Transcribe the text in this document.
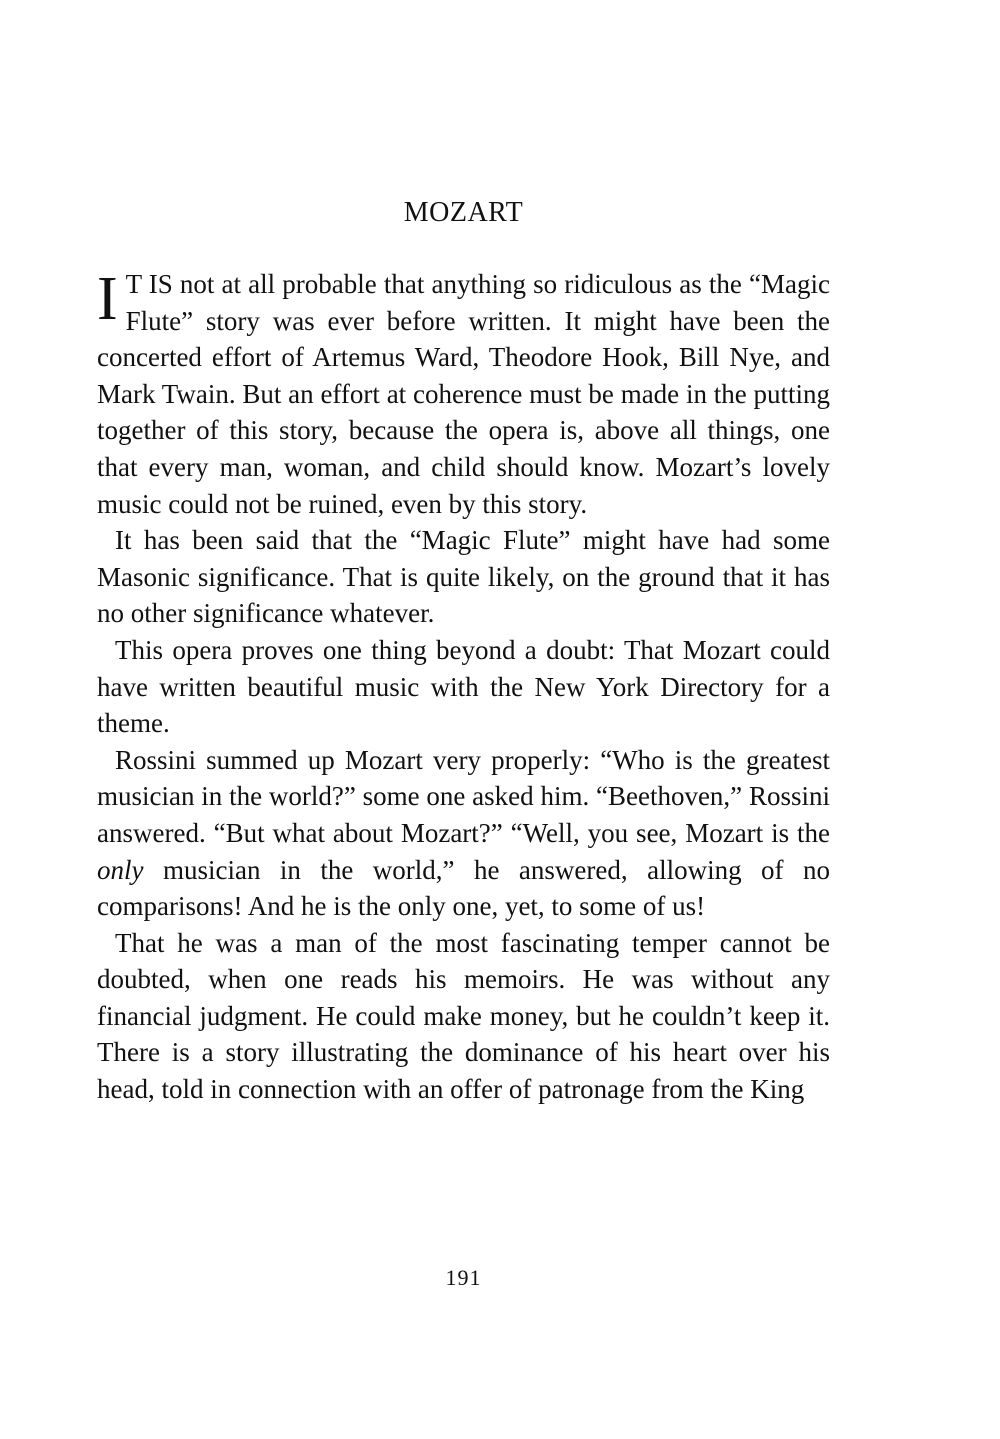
MOZART

I T IS not at all probable that anything so ridiculous as the “Magic Flute” story was ever before written. It might have been the concerted effort of Artemus Ward, Theodore Hook, Bill Nye, and Mark Twain. But an effort at coherence must be made in the putting together of this story, because the opera is, above all things, one that every man, woman, and child should know. Mozart’s lovely music could not be ruined, even by this story.

It has been said that the “Magic Flute” might have had some Masonic significance. That is quite likely, on the ground that it has no other significance whatever.

This opera proves one thing beyond a doubt: That Mozart could have written beautiful music with the New York Directory for a theme.

Rossini summed up Mozart very properly: “Who is the greatest musician in the world?” some one asked him. “Beethoven,” Rossini answered. “But what about Mozart?” “Well, you see, Mozart is the only musician in the world,” he answered, allowing of no comparisons! And he is the only one, yet, to some of us!

That he was a man of the most fascinating temper cannot be doubted, when one reads his memoirs. He was without any financial judgment. He could make money, but he couldn’t keep it. There is a story illustrating the dominance of his heart over his head, told in connection with an offer of patronage from the King

191
